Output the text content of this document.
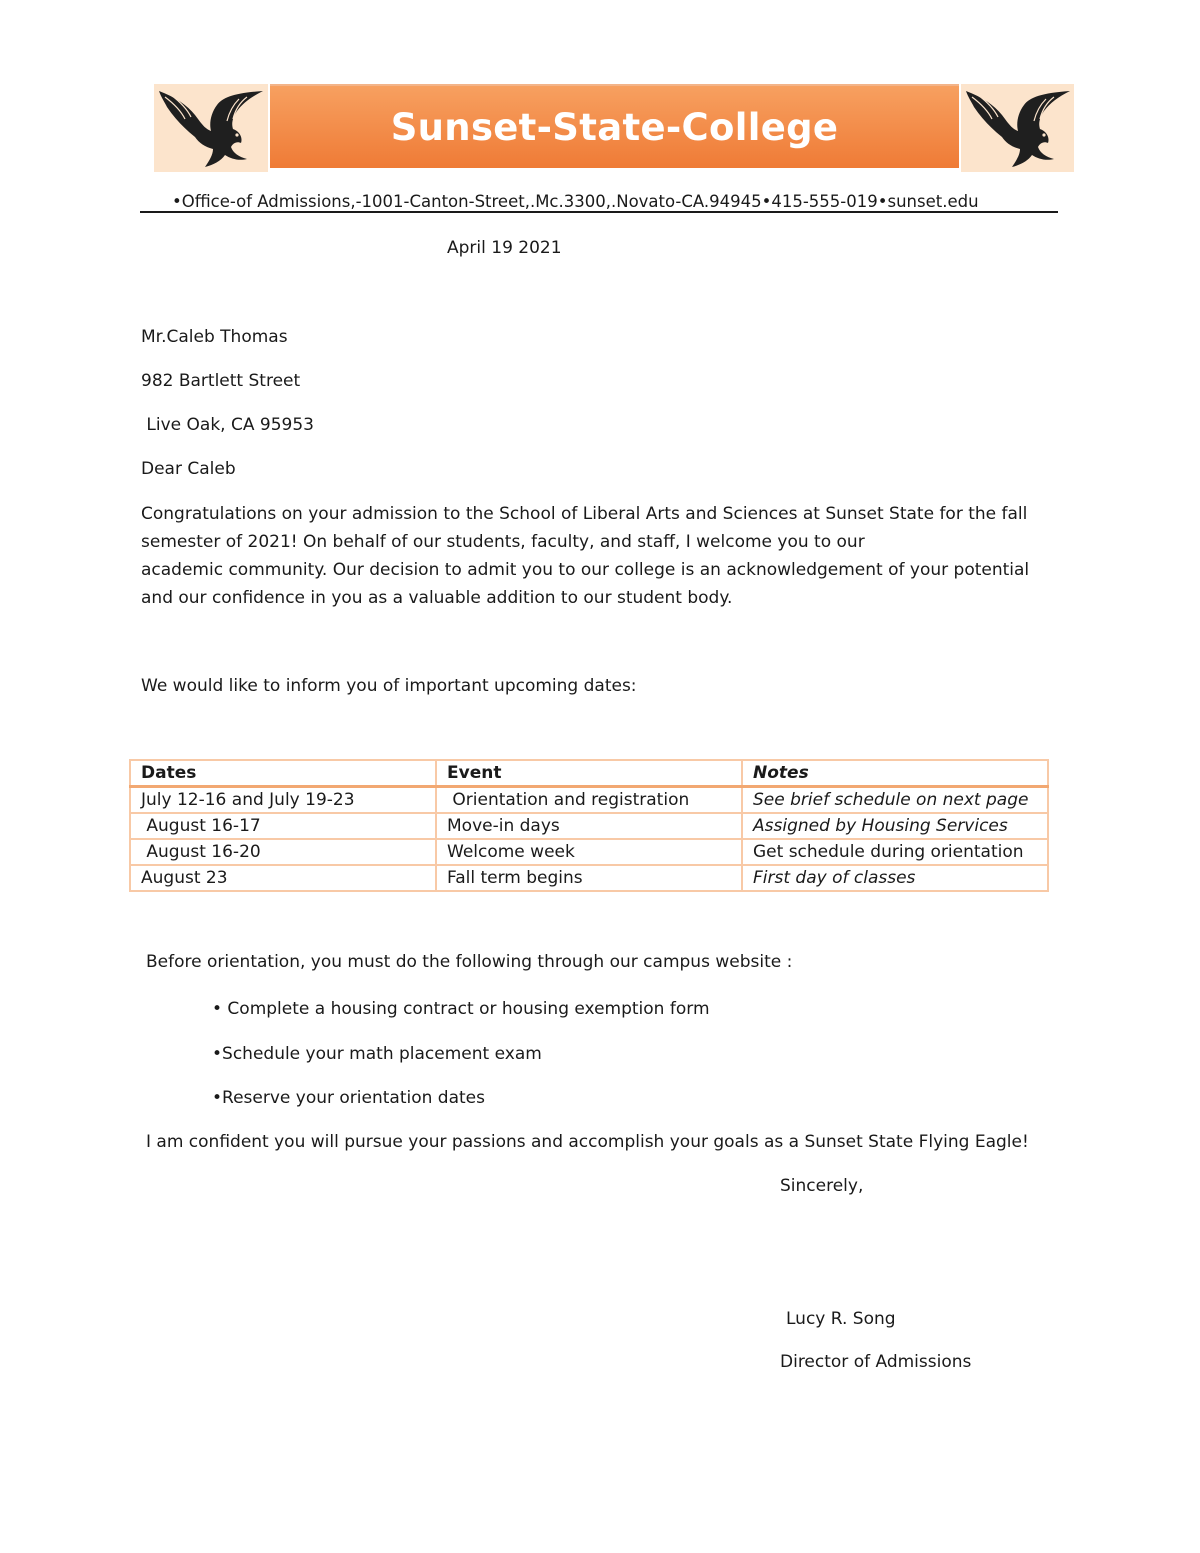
Sunset-State-College
•Office-of Admissions,-1001-Canton-Street,.Mc.3300,.Novato-CA.94945•415-555-019•sunset.edu
April 19 2021
Mr.Caleb Thomas
982 Bartlett Street
Live Oak, CA 95953
Dear Caleb
Congratulations on your admission to the School of Liberal Arts and Sciences at Sunset State for the fall
semester of 2021! On behalf of our students, faculty, and staff, I welcome you to our
academic community. Our decision to admit you to our college is an acknowledgement of your potential
and our confidence in you as a valuable addition to our student body.
We would like to inform you of important upcoming dates:
Dates	Event	Notes
July 12-16 and July 19-23	Orientation and registration	See brief schedule on next page
August 16-17	Move-in days	Assigned by Housing Services
August 16-20	Welcome week	Get schedule during orientation
August 23	Fall term begins	First day of classes
Before orientation, you must do the following through our campus website :
• Complete a housing contract or housing exemption form
•Schedule your math placement exam
•Reserve your orientation dates
I am confident you will pursue your passions and accomplish your goals as a Sunset State Flying Eagle!
Sincerely,
Lucy R. Song
Director of Admissions
